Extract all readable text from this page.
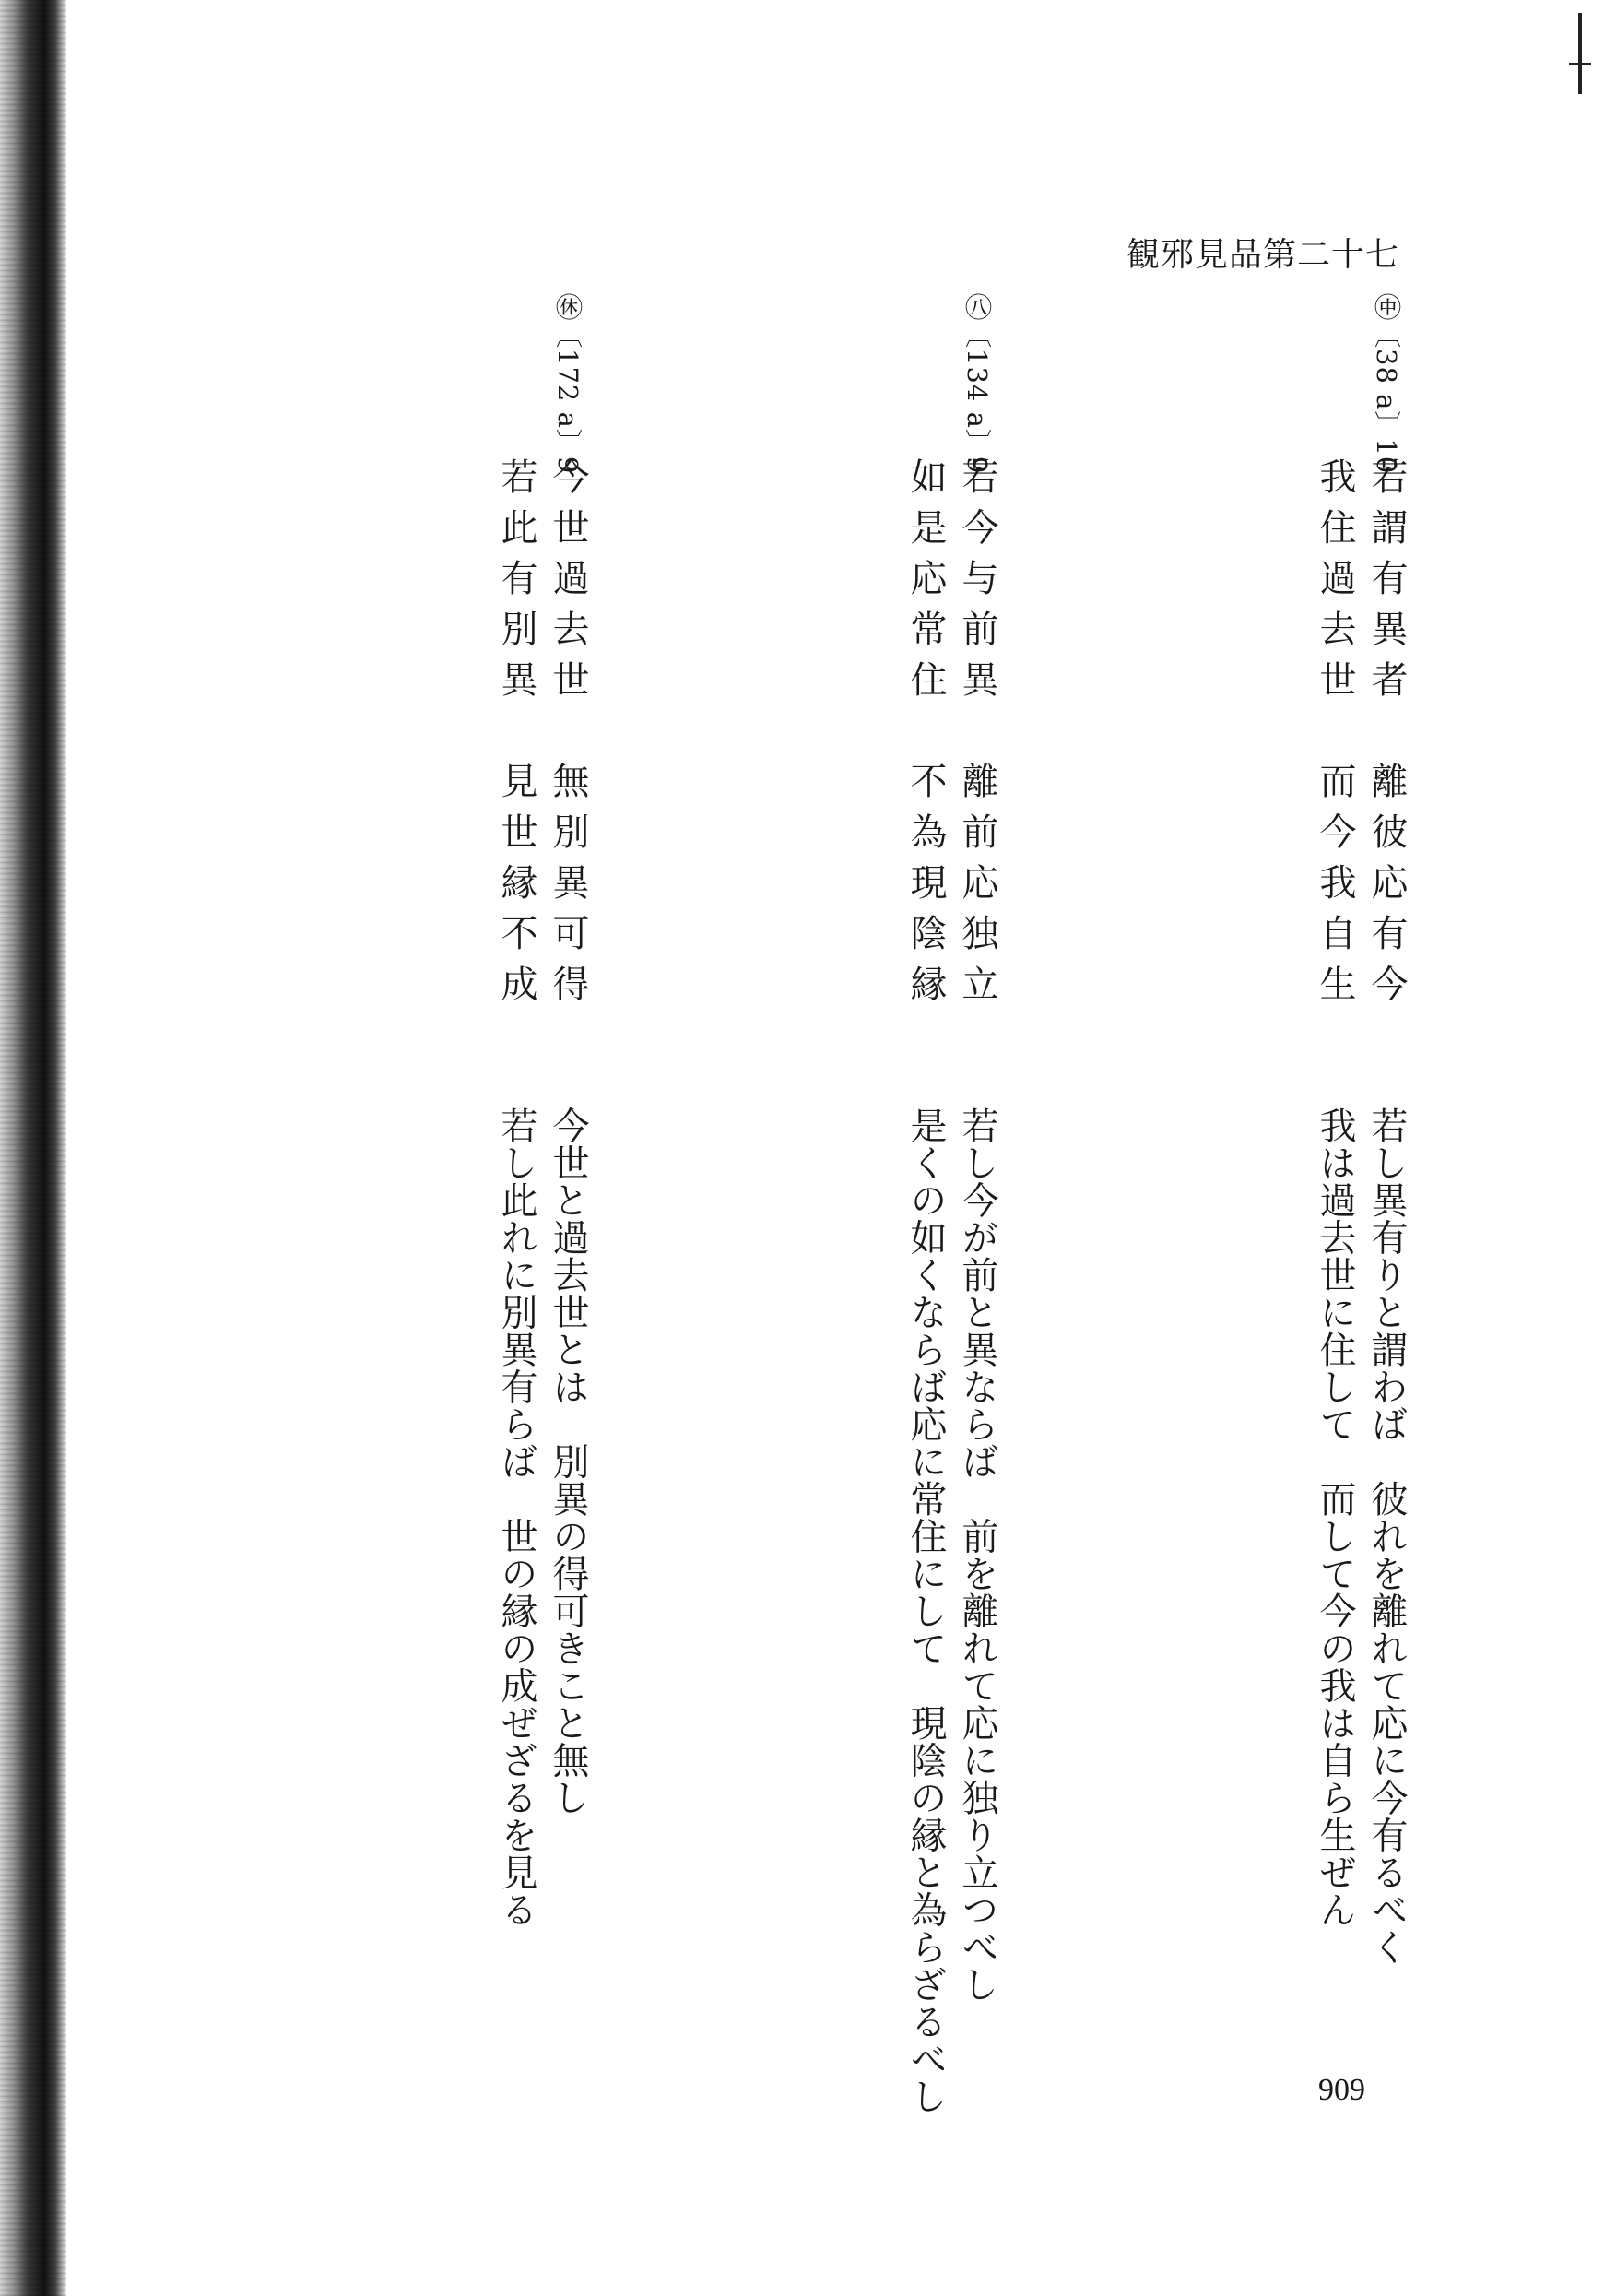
観邪見品第二十七
㊥〔38 a〕10
若謂有異者　離彼応有今
我住過去世　而今我自生
若し異有りと謂わば　彼れを離れて応に今有るべく
我は過去世に住して　而して今の我は自ら生ぜん
㊇〔134 a〕9
若今与前異　離前応独立
如是応常住　不為現陰縁
若し今が前と異ならば　前を離れて応に独り立つべし
是くの如くならば応に常住にして　現陰の縁と為らざるべし
㊡〔172 a〕9
今世過去世　無別異可得
若此有別異　見世縁不成
今世と過去世とは　別異の得可きこと無し
若し此れに別異有らば　世の縁の成ぜざるを見る
909
